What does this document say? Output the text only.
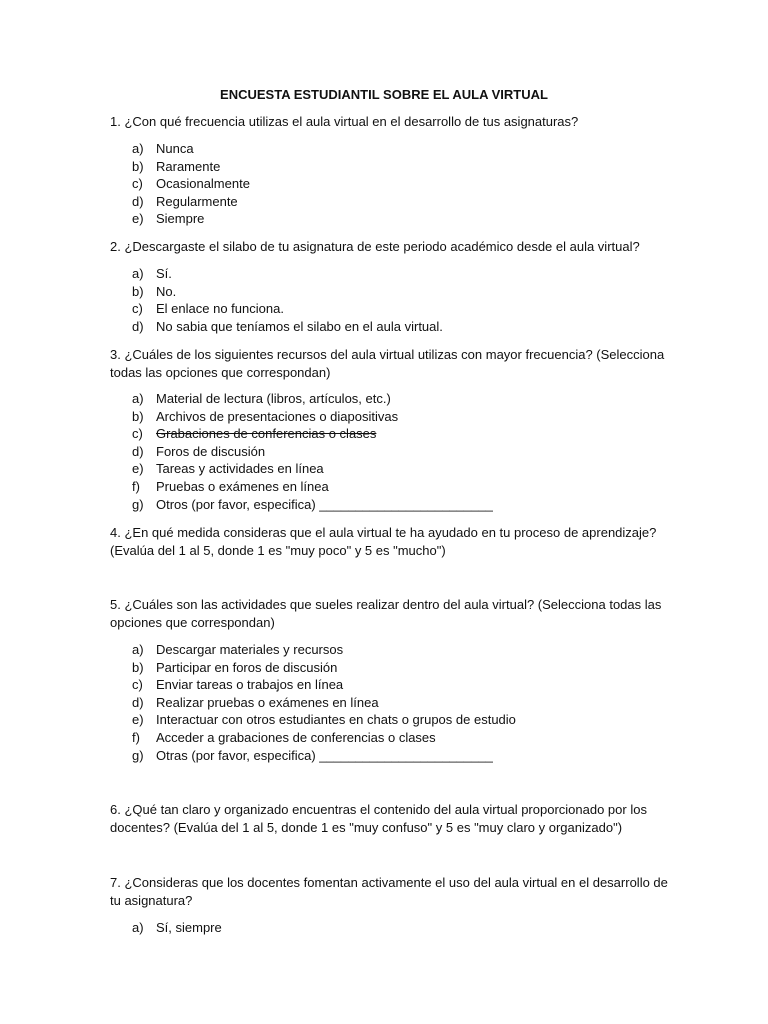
ENCUESTA ESTUDIANTIL SOBRE EL AULA VIRTUAL
1. ¿Con qué frecuencia utilizas el aula virtual en el desarrollo de tus asignaturas?
a) Nunca
b) Raramente
c) Ocasionalmente
d) Regularmente
e) Siempre
2. ¿Descargaste el silabo de tu asignatura de este periodo académico desde el aula virtual?
a) Sí.
b) No.
c) El enlace no funciona.
d) No sabia que teníamos el silabo en el aula virtual.
3. ¿Cuáles de los siguientes recursos del aula virtual utilizas con mayor frecuencia? (Selecciona todas las opciones que correspondan)
a) Material de lectura (libros, artículos, etc.)
b) Archivos de presentaciones o diapositivas
c) Grabaciones de conferencias o clases
d) Foros de discusión
e) Tareas y actividades en línea
f) Pruebas o exámenes en línea
g) Otros (por favor, especifica) ________________________
4. ¿En qué medida consideras que el aula virtual te ha ayudado en tu proceso de aprendizaje? (Evalúa del 1 al 5, donde 1 es "muy poco" y 5 es "mucho")
5. ¿Cuáles son las actividades que sueles realizar dentro del aula virtual? (Selecciona todas las opciones que correspondan)
a) Descargar materiales y recursos
b) Participar en foros de discusión
c) Enviar tareas o trabajos en línea
d) Realizar pruebas o exámenes en línea
e) Interactuar con otros estudiantes en chats o grupos de estudio
f) Acceder a grabaciones de conferencias o clases
g) Otras (por favor, especifica) ________________________
6. ¿Qué tan claro y organizado encuentras el contenido del aula virtual proporcionado por los docentes? (Evalúa del 1 al 5, donde 1 es "muy confuso" y 5 es "muy claro y organizado")
7. ¿Consideras que los docentes fomentan activamente el uso del aula virtual en el desarrollo de tu asignatura?
a) Sí, siempre
